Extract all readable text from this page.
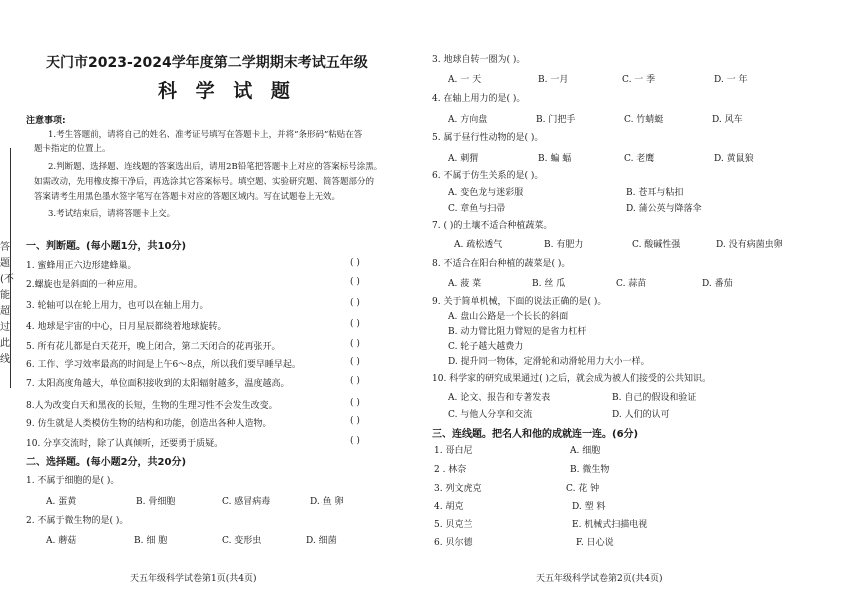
天门市2023-2024学年度第二学期期末考试五年级
科 学 试 题
注意事项:
1.考生答题前，请将自己的姓名、准考证号填写在答题卡上，并将“条形码”粘贴在答
题卡指定的位置上。
2.判断题、选择题、连线题的答案选出后，请用2B铅笔把答题卡上对应的答案标号涂黑。
如需改动，先用橡皮擦干净后，再选涂其它答案标号。填空题、实验研究题、简答题部分的
答案请考生用黑色墨水签字笔写在答题卡对应的答题区域内。写在试题卷上无效。
3.考试结束后，请将答题卡上交。
答题(不能超过此线
一、判断题。(每小题1分，共10分)
1. 蜜蜂用正六边形建蜂巢。	( )
2.螺旋也是斜面的一种应用。	( )
3. 轮轴可以在轮上用力，也可以在轴上用力。	( )
4. 地球是宇宙的中心，日月星辰都绕着地球旋转。	( )
5. 所有花儿都是白天花开，晚上闭合，第二天闭合的花再张开。	( )
6. 工作、学习效率最高的时间是上午6～8点，所以我们要早睡早起。	( )
7. 太阳高度角越大，单位面积接收到的太阳辐射越多，温度越高。	( )
8.人为改变白天和黑夜的长短，生物的生理习性不会发生改变。	( )
9. 仿生就是人类模仿生物的结构和功能，创造出各种人造物。	( )
10. 分享交流时，除了认真倾听，还要勇于质疑。	( )
二、选择题。(每小题2分，共20分)
1. 不属于细胞的是( )。
A. 蛋黄	B. 骨细胞	C. 感冒病毒	D. 鱼 卵
2. 不属于微生物的是( )。
A. 蘑菇	B. 细 胞	C. 变形虫	D. 细菌
天五年级科学试卷第1页(共4页)
3. 地球自转一圈为( )。
A. 一 天	B. 一月	C. 一 季	D. 一 年
4. 在轴上用力的是( )。
A. 方向盘	B. 门把手	C. 竹蜻蜓	D. 风车
5. 属于昼行性动物的是( )。
A. 刺猬	B. 蝙 蝠	C. 老鹰	D. 黄鼠狼
6. 不属于仿生关系的是( )。
A. 变色龙与迷彩服	B. 苍耳与粘扣
C. 章鱼与扫帚	D. 蒲公英与降落伞
7. ( )的土壤不适合种植蔬菜。
A. 疏松透气	B. 有肥力	C. 酸碱性强	D. 没有病菌虫卵
8. 不适合在阳台种植的蔬菜是( )。
A. 菠 菜	B. 丝 瓜	C. 蒜苗	D. 番茄
9. 关于简单机械，下面的说法正确的是( )。
A. 盘山公路是一个长长的斜面
B. 动力臂比阻力臂短的是省力杠杆
C. 轮子越大越费力
D. 提升同一物体，定滑轮和动滑轮用力大小一样。
10. 科学家的研究成果通过( )之后，就会成为被人们接受的公共知识。
A. 论文、报告和专著发表	B. 自己的假设和验证
C. 与他人分享和交流	D. 人们的认可
三、连线题。把名人和他的成就连一连。(6分)
1. 哥白尼	A. 细胞
2 . 林奈	B. 微生物
3. 列文虎克	C. 花 钟
4. 胡克	D. 塑 料
5. 贝克兰	E. 机械式扫描电视
6. 贝尔德	F. 日心说
天五年级科学试卷第2页(共4页)
